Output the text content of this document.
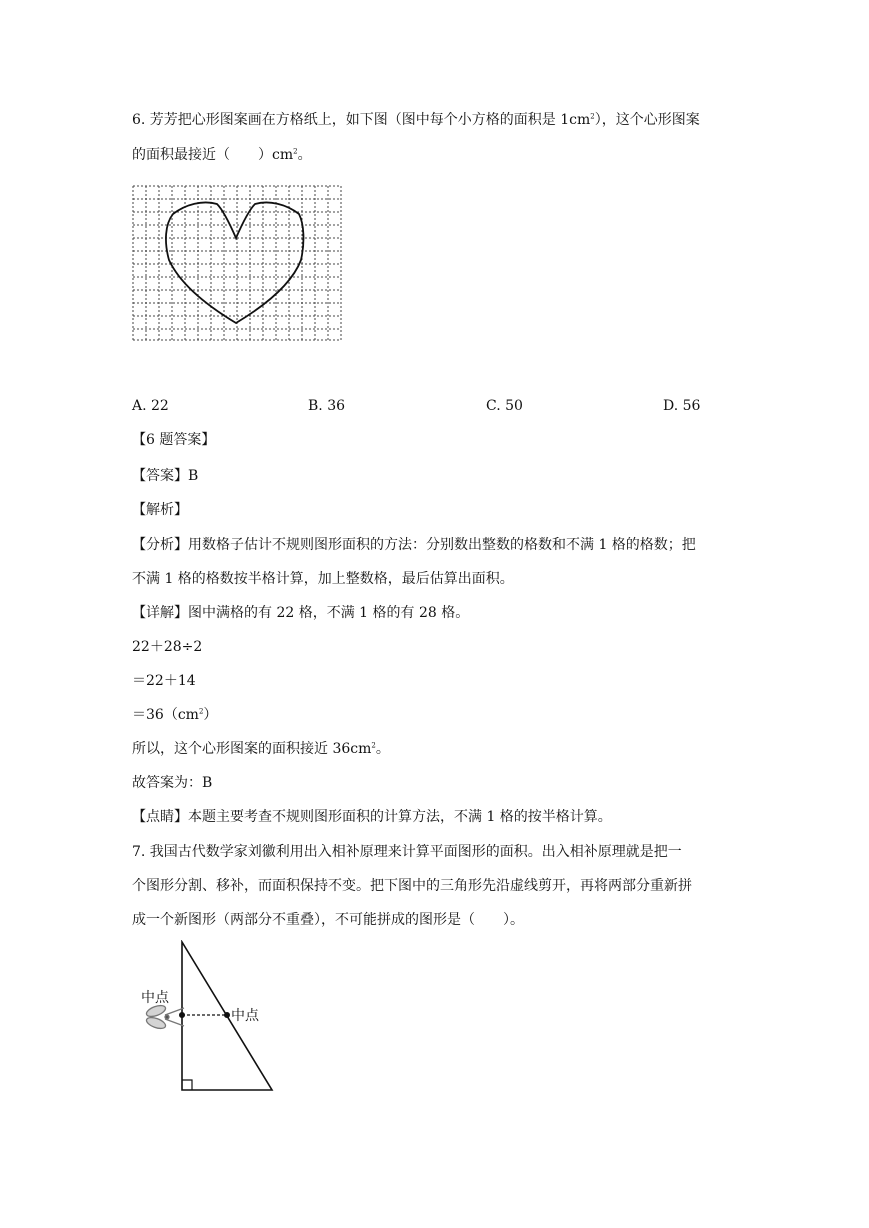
6. 芳芳把心形图案画在方格纸上，如下图（图中每个小方格的面积是 $1cm^2$），这个心形图案
的面积最接近（　　）$cm^2$。
A. 22	B. 36	C. 50	D. 56
【6 题答案】
【答案】B
【解析】
【分析】用数格子估计不规则图形面积的方法：分别数出整数的格数和不满 1 格的格数；把
不满 1 格的格数按半格计算，加上整数格，最后估算出面积。
【详解】图中满格的有 22 格，不满 1 格的有 28 格。
22＋28÷2
＝22＋14
$=36(cm^2)$
所以，这个心形图案的面积接近 $36cm^2$。
故答案为：B
【点睛】本题主要考查不规则图形面积的计算方法，不满 1 格的按半格计算。
7. 我国古代数学家刘徽利用出入相补原理来计算平面图形的面积。出入相补原理就是把一
个图形分割、移补，而面积保持不变。把下图中的三角形先沿虚线剪开，再将两部分重新拼
成一个新图形（两部分不重叠），不可能拼成的图形是（　　）。
中点
中点
